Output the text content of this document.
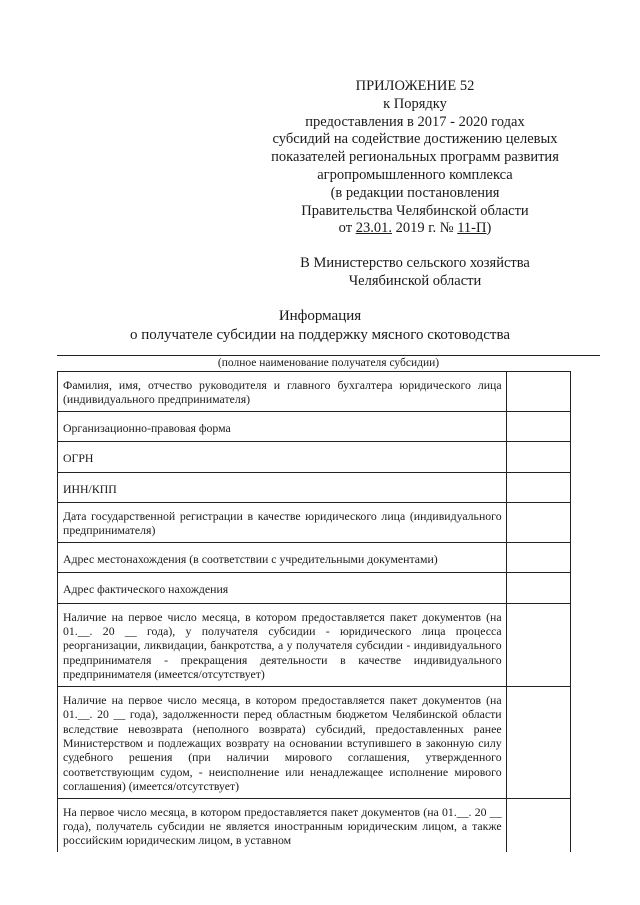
ПРИЛОЖЕНИЕ 52
к Порядку
предоставления в 2017 - 2020 годах
субсидий на содействие достижению целевых
показателей региональных программ развития
агропромышленного комплекса
(в редакции постановления
Правительства Челябинской области
от 23.01. 2019 г. № 11-П)
В Министерство сельского хозяйства
Челябинской области
Информация
о получателе субсидии на поддержку мясного скотоводства
(полное наименование получателя субсидии)
Фамилия, имя, отчество руководителя и главного бухгалтера юридического лица (индивидуального предпринимателя)	
Организационно-правовая форма	
ОГРН	
ИНН/КПП	
Дата государственной регистрации в качестве юридического лица (индивидуального предпринимателя)	
Адрес местонахождения (в соответствии с учредительными документами)	
Адрес фактического нахождения	
Наличие на первое число месяца, в котором предоставляется пакет документов (на 01.__. 20 __ года), у получателя субсидии - юридического лица процесса реорганизации, ликвидации, банкротства, а у получателя субсидии - индивидуального предпринимателя - прекращения деятельности в качестве индивидуального предпринимателя (имеется/отсутствует)	
Наличие на первое число месяца, в котором предоставляется пакет документов (на 01.__. 20 __ года), задолженности перед областным бюджетом Челябинской области вследствие невозврата (неполного возврата) субсидий, предоставленных ранее Министерством и подлежащих возврату на основании вступившего в законную силу судебного решения (при наличии мирового соглашения, утвержденного соответствующим судом, - неисполнение или ненадлежащее исполнение мирового соглашения) (имеется/отсутствует)	
На первое число месяца, в котором предоставляется пакет документов (на 01.__. 20 __ года), получатель субсидии не является иностранным юридическим лицом, а также российским юридическим лицом, в уставном	
